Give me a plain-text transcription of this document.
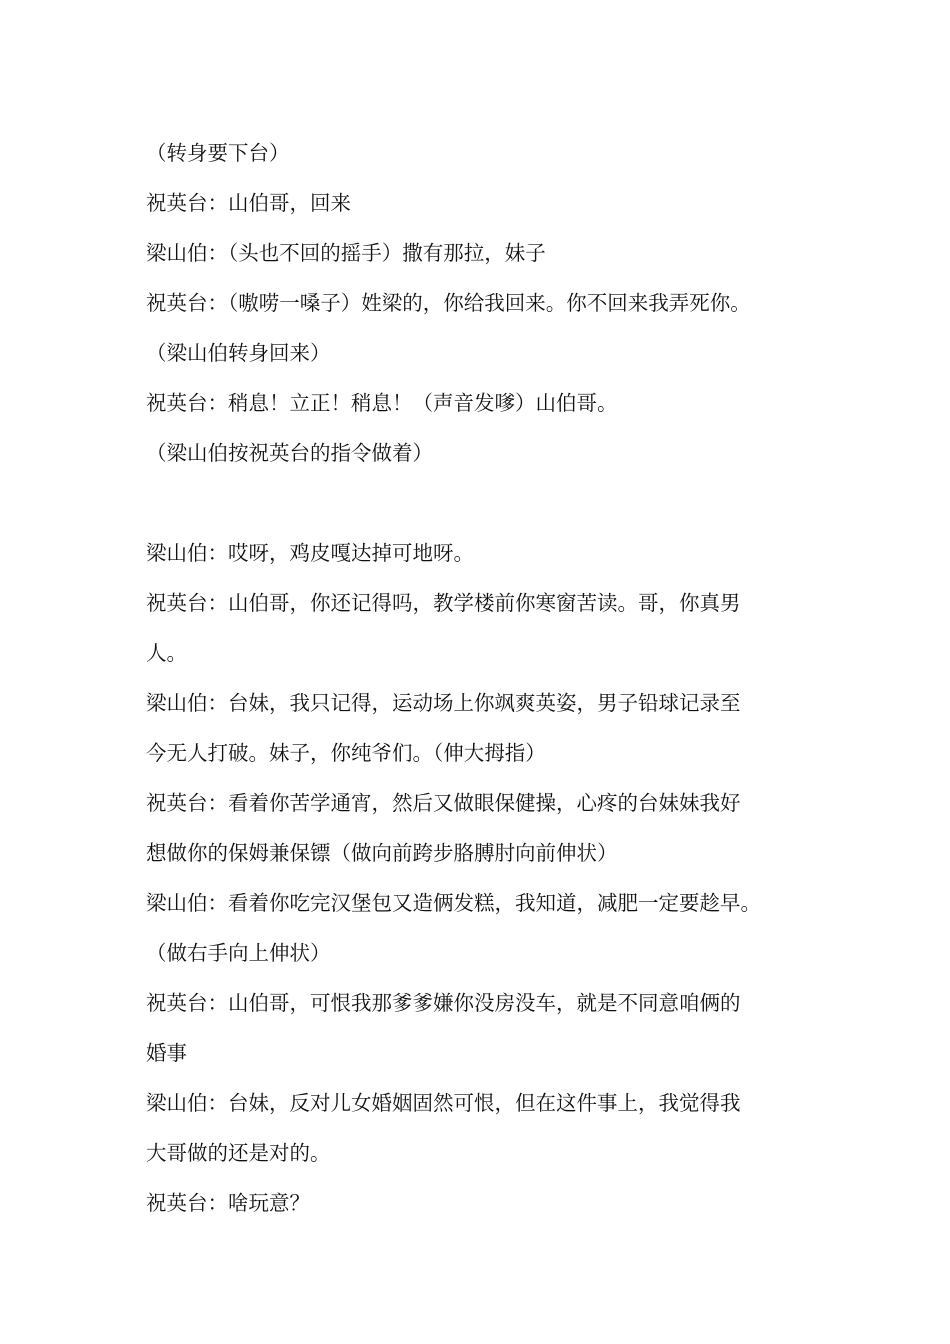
（转身要下台）
祝英台：山伯哥，回来
梁山伯：（头也不回的摇手）撒有那拉，妹子
祝英台：（嗷唠一嗓子）姓梁的，你给我回来。你不回来我弄死你。
（梁山伯转身回来）
祝英台：稍息！立正！稍息！（声音发嗲）山伯哥。
（梁山伯按祝英台的指令做着）
梁山伯：哎呀，鸡皮嘎达掉可地呀。
祝英台：山伯哥，你还记得吗，教学楼前你寒窗苦读。哥，你真男
人。
梁山伯：台妹，我只记得，运动场上你飒爽英姿，男子铅球记录至
今无人打破。妹子，你纯爷们。（伸大拇指）
祝英台：看着你苦学通宵，然后又做眼保健操，心疼的台妹妹我好
想做你的保姆兼保镖（做向前跨步胳膊肘向前伸状）
梁山伯：看着你吃完汉堡包又造俩发糕，我知道，减肥一定要趁早。
（做右手向上伸状）
祝英台：山伯哥，可恨我那爹爹嫌你没房没车，就是不同意咱俩的
婚事
梁山伯：台妹，反对儿女婚姻固然可恨，但在这件事上，我觉得我
大哥做的还是对的。
祝英台：啥玩意？
